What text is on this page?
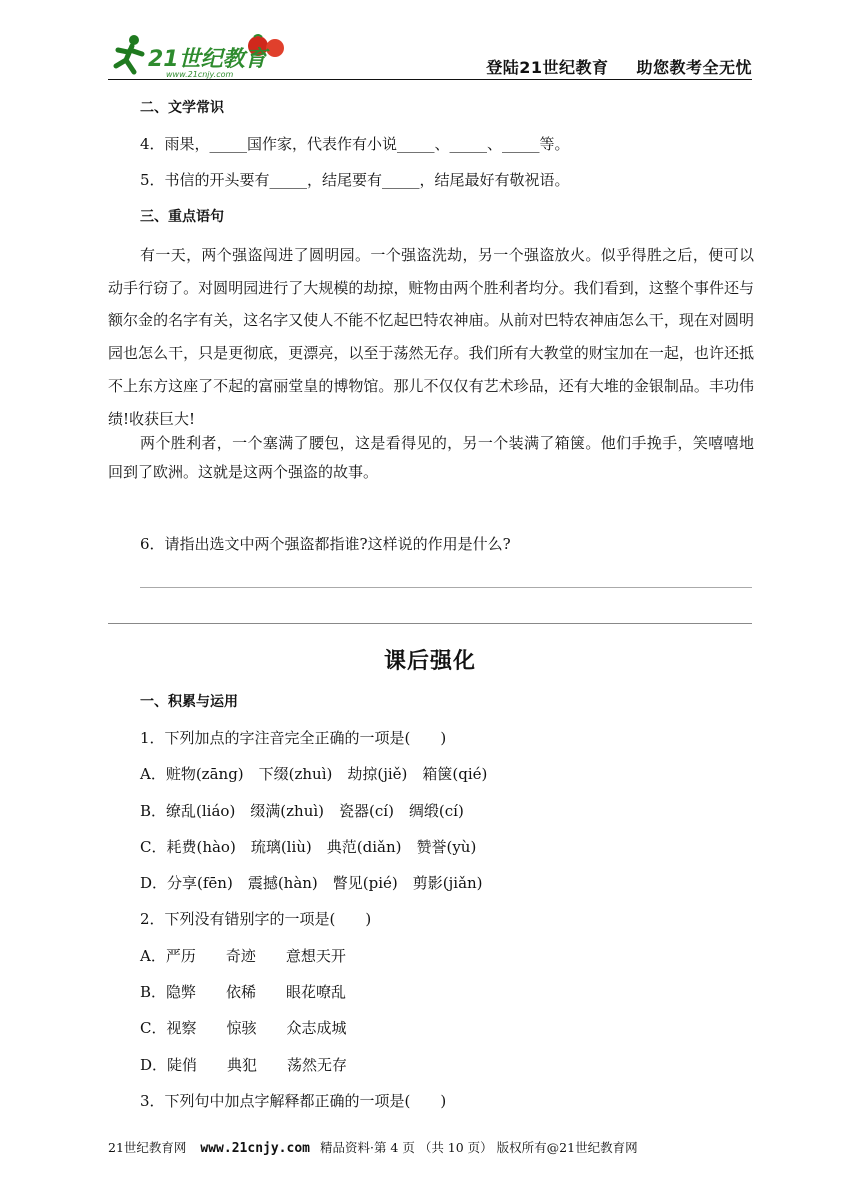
21世纪教育
www.21cnjy.com	登陆21世纪教育 助您教考全无忧
二、文学常识
4．雨果，_____国作家，代表作有小说_____、_____、_____等。
5．书信的开头要有_____，结尾要有_____，结尾最好有敬祝语。
三、重点语句
有一天，两个强盗闯进了圆明园。一个强盗洗劫，另一个强盗放火。似乎得胜之后，便可以动手行窃了。对圆明园进行了大规模的劫掠，赃物由两个胜利者均分。我们看到，这整个事件还与额尔金的名字有关，这名字又使人不能不忆起巴特农神庙。从前对巴特农神庙怎么干，现在对圆明园也怎么干，只是更彻底，更漂亮，以至于荡然无存。我们所有大教堂的财宝加在一起，也许还抵不上东方这座了不起的富丽堂皇的博物馆。那儿不仅仅有艺术珍品，还有大堆的金银制品。丰功伟绩!收获巨大!
两个胜利者，一个塞满了腰包，这是看得见的，另一个装满了箱箧。他们手挽手，笑嘻嘻地回到了欧洲。这就是这两个强盗的故事。
6．请指出选文中两个强盗都指谁?这样说的作用是什么?
课后强化
一、积累与运用
1．下列加点的字注音完全正确的一项是(　　)
A．赃物(zāng)　下缀(zhuì)　劫掠(jiě)　箱箧(qié)
B．缭乱(liáo)　缀满(zhuì)　瓷器(cí)　绸缎(cí)
C．耗费(hào)　琉璃(liù)　典范(diǎn)　赞誉(yù)
D．分享(fēn)　震撼(hàn)　瞥见(pié)　剪影(jiǎn)
2．下列没有错别字的一项是(　　)
A．严历　　奇迹　　意想天开
B．隐弊　　依稀　　眼花嘹乱
C．视察　　惊骇　　众志成城
D．陡俏　　典犯　　荡然无存
3．下列句中加点字解释都正确的一项是(　　)
21世纪教育网 www.21cnjy.com 精品资料·第 4 页 （共 10 页） 版权所有@21世纪教育网
